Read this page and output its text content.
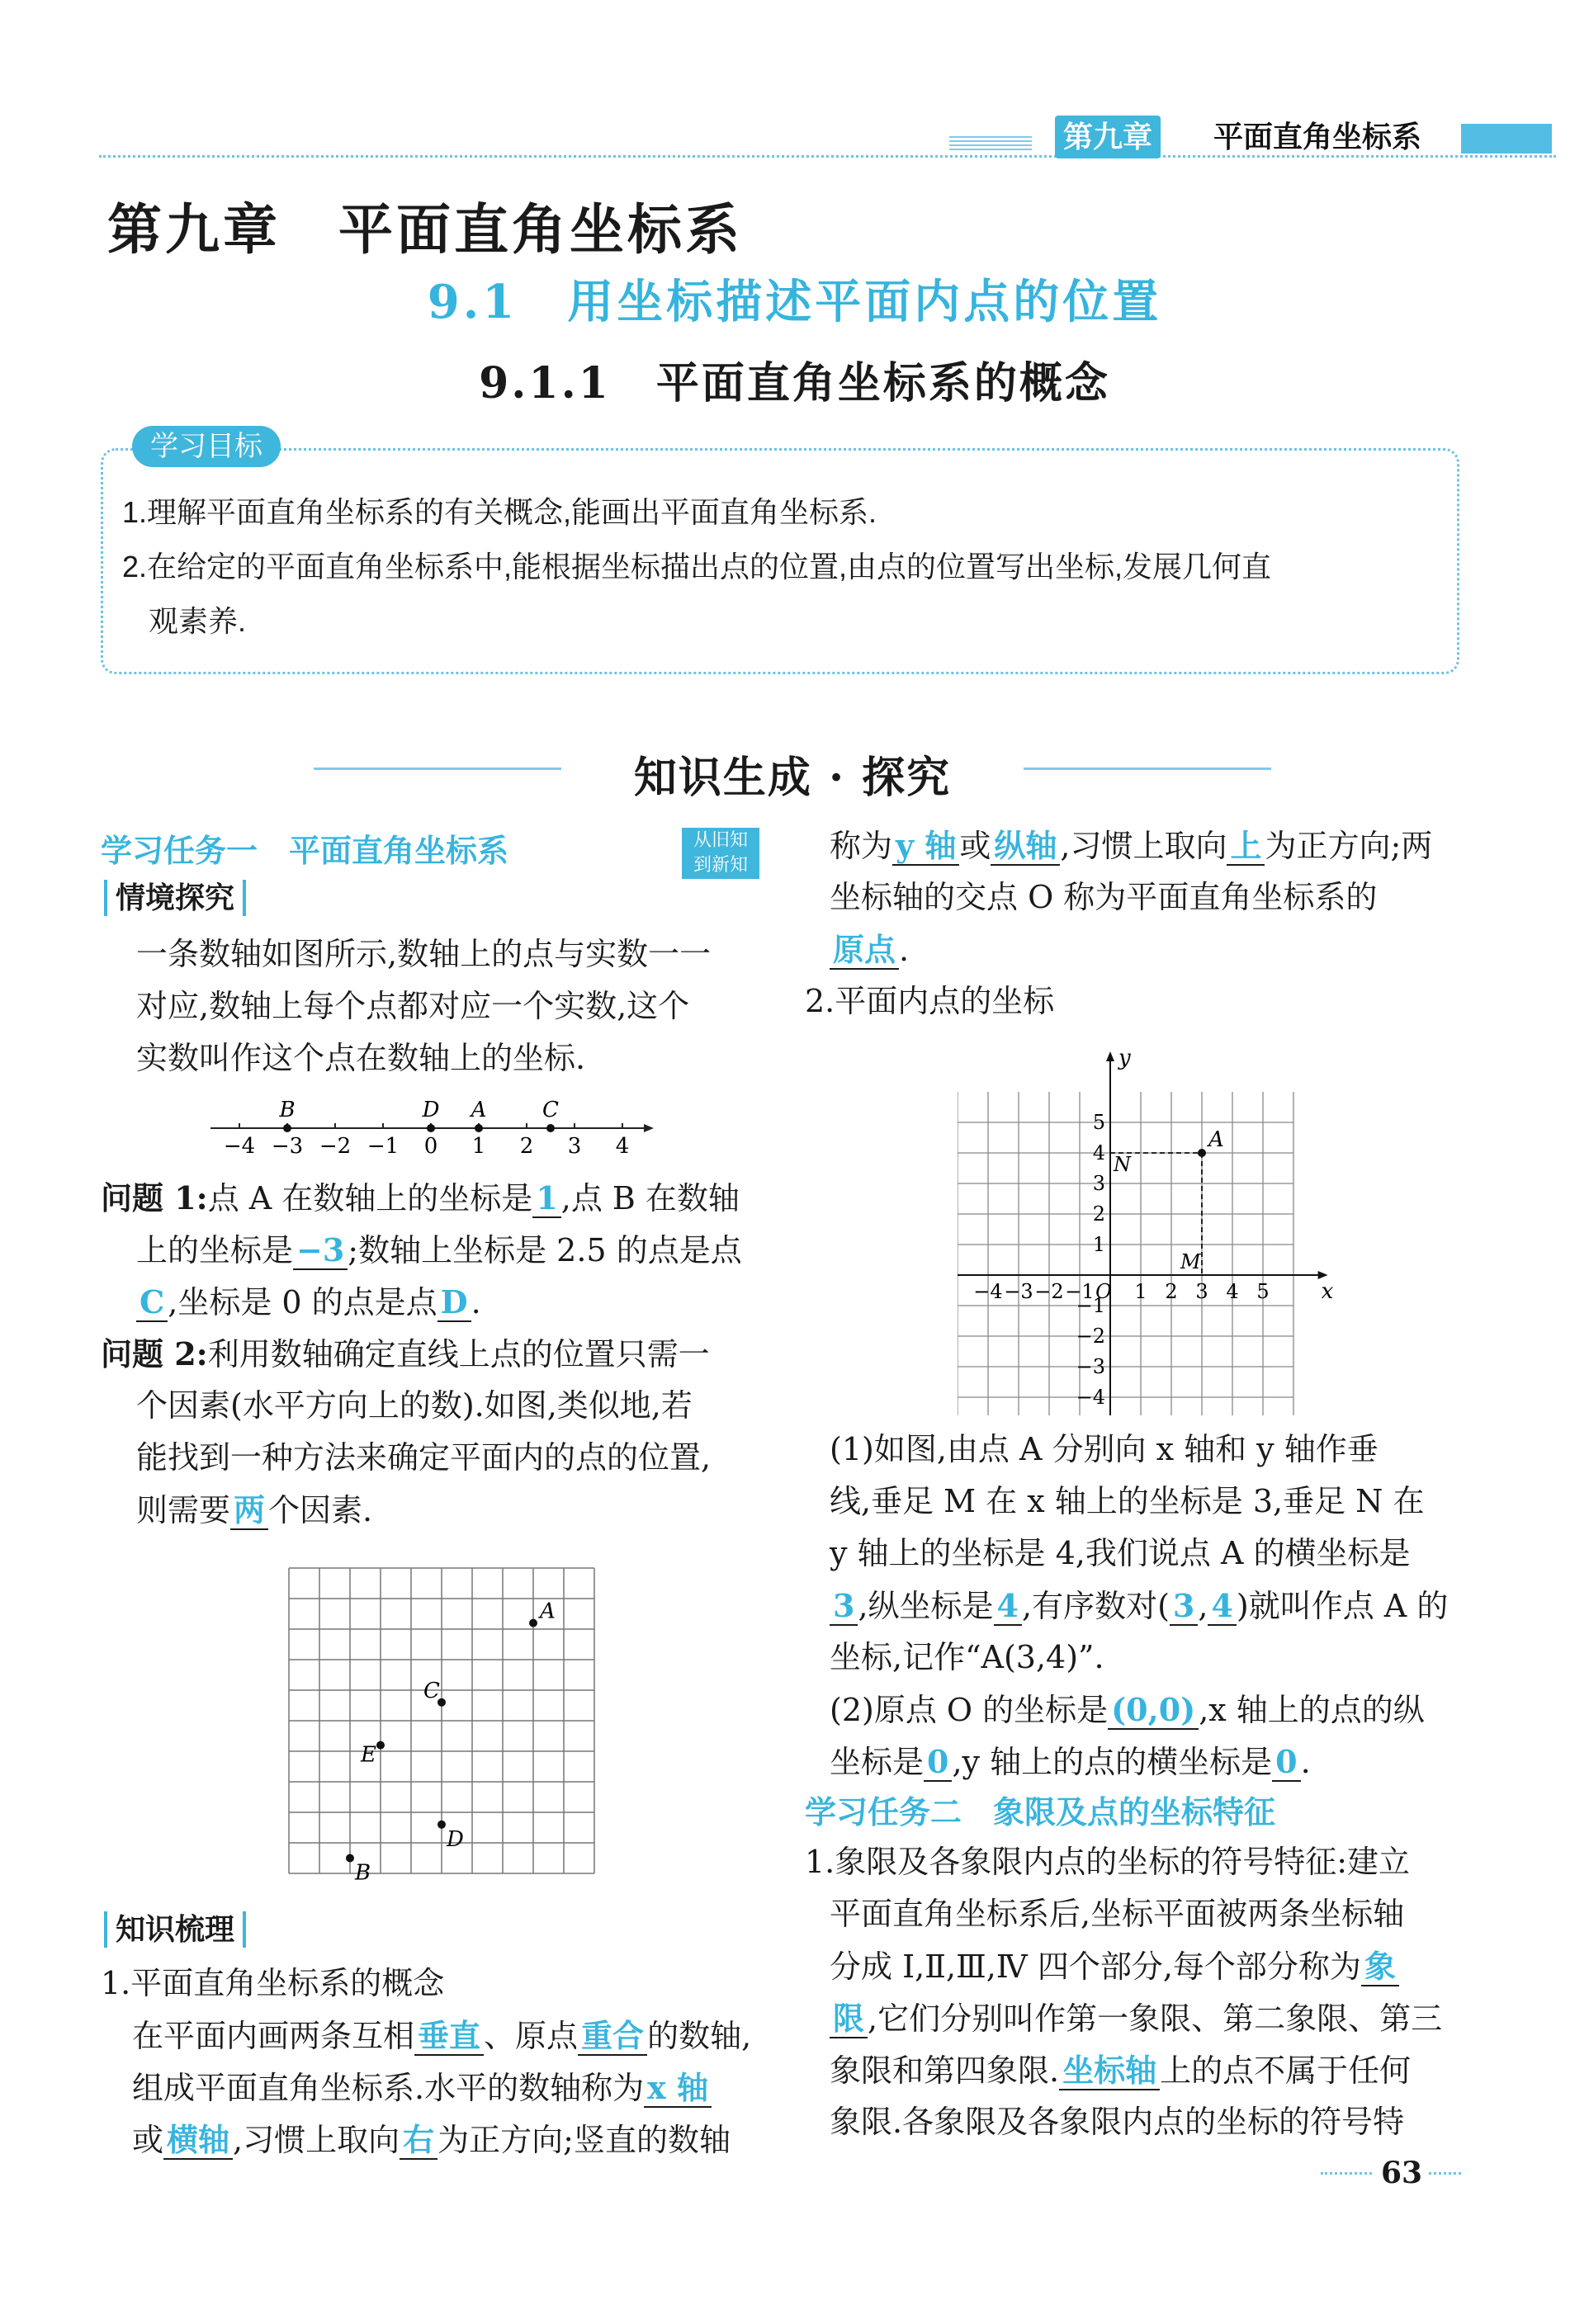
第九章 平面直角坐标系
第九章　平面直角坐标系
9.1　用坐标描述平面内点的位置
9.1.1　平面直角坐标系的概念
学习目标
1.理解平面直角坐标系的有关概念,能画出平面直角坐标系.
2.在给定的平面直角坐标系中,能根据坐标描出点的位置,由点的位置写出坐标,发展几何直
观素养.
知识生成 · 探究
学习任务一　平面直角坐标系	从旧知
到新知
情境探究
一条数轴如图所示,数轴上的点与实数一一
对应,数轴上每个点都对应一个实数,这个
实数叫作这个点在数轴上的坐标.
−4 −3 −2 −1 0 1 2 3 4
B	D A	C
问题 1:点 A 在数轴上的坐标是 1 ,点 B 在数轴
上的坐标是 −3 ;数轴上坐标是 2.5 的点是点
C ,坐标是 0 的点是点 D .
问题 2:利用数轴确定直线上点的位置只需一
个因素(水平方向上的数).如图,类似地,若
能找到一种方法来确定平面内的点的位置,
则需要 两 个因素.
A
C
E
D
B
知识梳理
1.平面直角坐标系的概念
在平面内画两条互相 垂直 、原点 重合 的数轴,
组成平面直角坐标系.水平的数轴称为 x 轴
或 横轴 ,习惯上取向 右 为正方向;竖直的数轴
称为 y 轴 或 纵轴 ,习惯上取向 上 为正方向;两
坐标轴的交点 O 称为平面直角坐标系的
原点 .
2.平面内点的坐标
−4 −3 −2 −1 O 1 2 3 4 5
5
4
3
2
1
−1
−2
−3
−4
A
N
M
x
y
(1)如图,由点 A 分别向 x 轴和 y 轴作垂
线,垂足 M 在 x 轴上的坐标是 3,垂足 N 在
y 轴上的坐标是 4,我们说点 A 的横坐标是
3 ,纵坐标是 4 ,有序数对( 3 , 4 )就叫作点 A 的
坐标,记作“A(3,4)”.
(2)原点 O 的坐标是 (0,0) ,x 轴上的点的纵
坐标是 0 ,y 轴上的点的横坐标是 0 .
学习任务二　象限及点的坐标特征
1.象限及各象限内点的坐标的符号特征:建立
平面直角坐标系后,坐标平面被两条坐标轴
分成 Ⅰ,Ⅱ,Ⅲ,Ⅳ 四个部分,每个部分称为 象
限 ,它们分别叫作第一象限、第二象限、第三
象限和第四象限. 坐标轴 上的点不属于任何
象限.各象限及各象限内点的坐标的符号特
63
